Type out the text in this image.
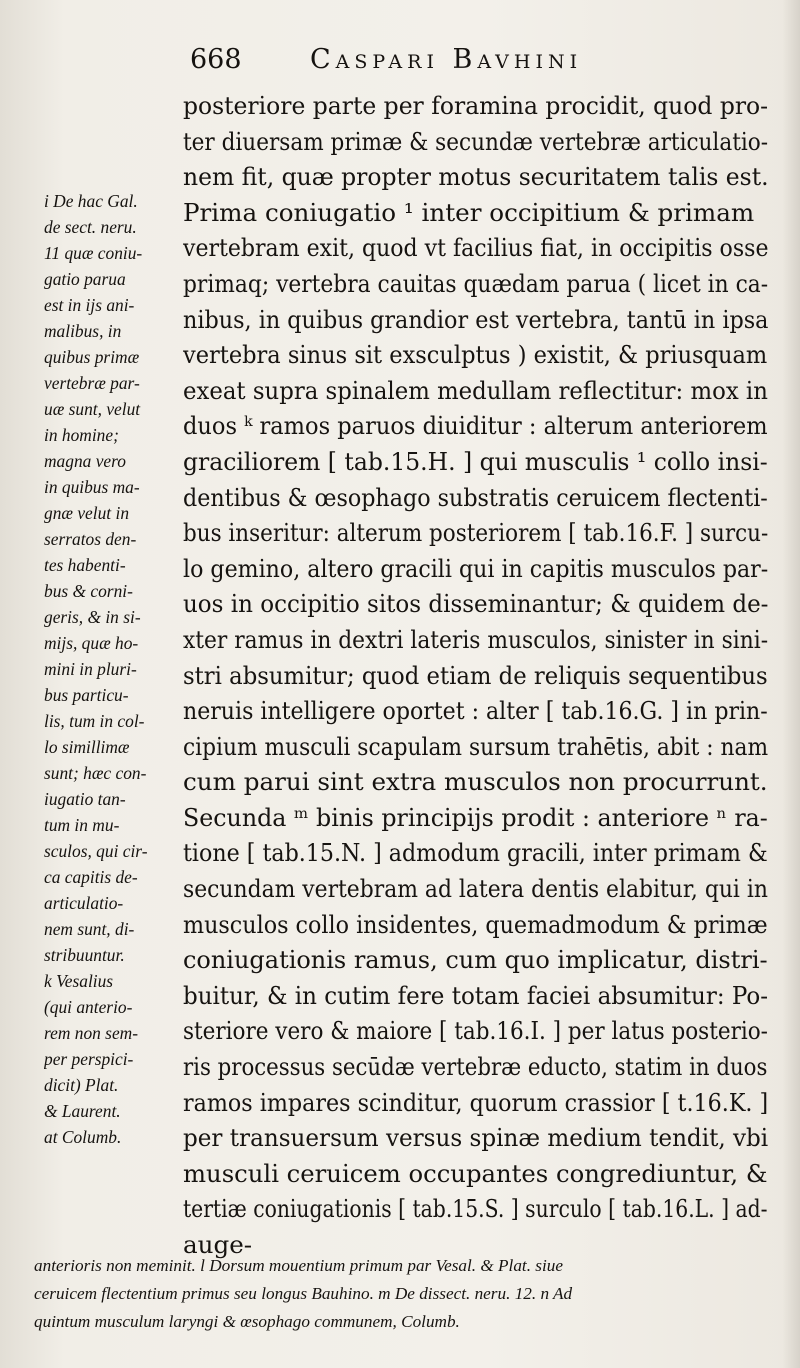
668	Caspari Bavhini
i De hac Gal.
de sect. neru.
11 quæ coniu-
gatio parua
est in ijs ani-
malibus, in
quibus primæ
vertebræ par-
uæ sunt, velut
in homine;
magna vero
in quibus ma-
gnæ velut in
serratos den-
tes habenti-
bus & corni-
geris, & in si-
mijs, quæ ho-
mini in pluri-
bus particu-
lis, tum in col-
lo simillimæ
sunt; hæc con-
iugatio tan-
tum in mu-
sculos, qui cir-
ca capitis de-
articulatio-
nem sunt, di-
stribuuntur.
k Vesalius
(qui anterio-
rem non sem-
per perspici-
dicit) Plat.
& Laurent.
at Columb.
posteriore parte per foramina procidit, quod pro-
ter diuersam primæ & secundæ vertebræ articulatio-
nem fit, quæ propter motus securitatem talis est.
Prima coniugatio ¹ inter occipitium & primam
vertebram exit, quod vt facilius fiat, in occipitis osse
primaq; vertebra cauitas quædam parua ( licet in ca-
nibus, in quibus grandior est vertebra, tantū in ipsa
vertebra sinus sit exsculptus ) existit, & priusquam
exeat supra spinalem medullam reflectitur: mox in
duos ᵏ ramos paruos diuiditur : alterum anteriorem
graciliorem [ tab.15.H. ] qui musculis ¹ collo insi-
dentibus & œsophago substratis ceruicem flectenti-
bus inseritur: alterum posteriorem [ tab.16.F. ] surcu-
lo gemino, altero gracili qui in capitis musculos par-
uos in occipitio sitos disseminantur; & quidem de-
xter ramus in dextri lateris musculos, sinister in sini-
stri absumitur; quod etiam de reliquis sequentibus
neruis intelligere oportet : alter [ tab.16.G. ] in prin-
cipium musculi scapulam sursum trahētis, abit : nam
cum parui sint extra musculos non procurrunt.
Secunda ᵐ binis principijs prodit : anteriore ⁿ ra-
tione [ tab.15.N. ] admodum gracili, inter primam &
secundam vertebram ad latera dentis elabitur, qui in
musculos collo insidentes, quemadmodum & primæ
coniugationis ramus, cum quo implicatur, distri-
buitur, & in cutim fere totam faciei absumitur: Po-
steriore vero & maiore [ tab.16.I. ] per latus posterio-
ris processus secūdæ vertebræ educto, statim in duos
ramos impares scinditur, quorum crassior [ t.16.K. ]
per transuersum versus spinæ medium tendit, vbi
musculi ceruicem occupantes congrediuntur, &
tertiæ coniugationis [ tab.15.S. ] surculo [ tab.16.L. ] ad-
auge-
anterioris non meminit. l Dorsum mouentium primum par Vesal. & Plat. siue
ceruicem flectentium primus seu longus Bauhino. m De dissect. neru. 12. n Ad
quintum musculum laryngi & œsophago communem, Columb.
